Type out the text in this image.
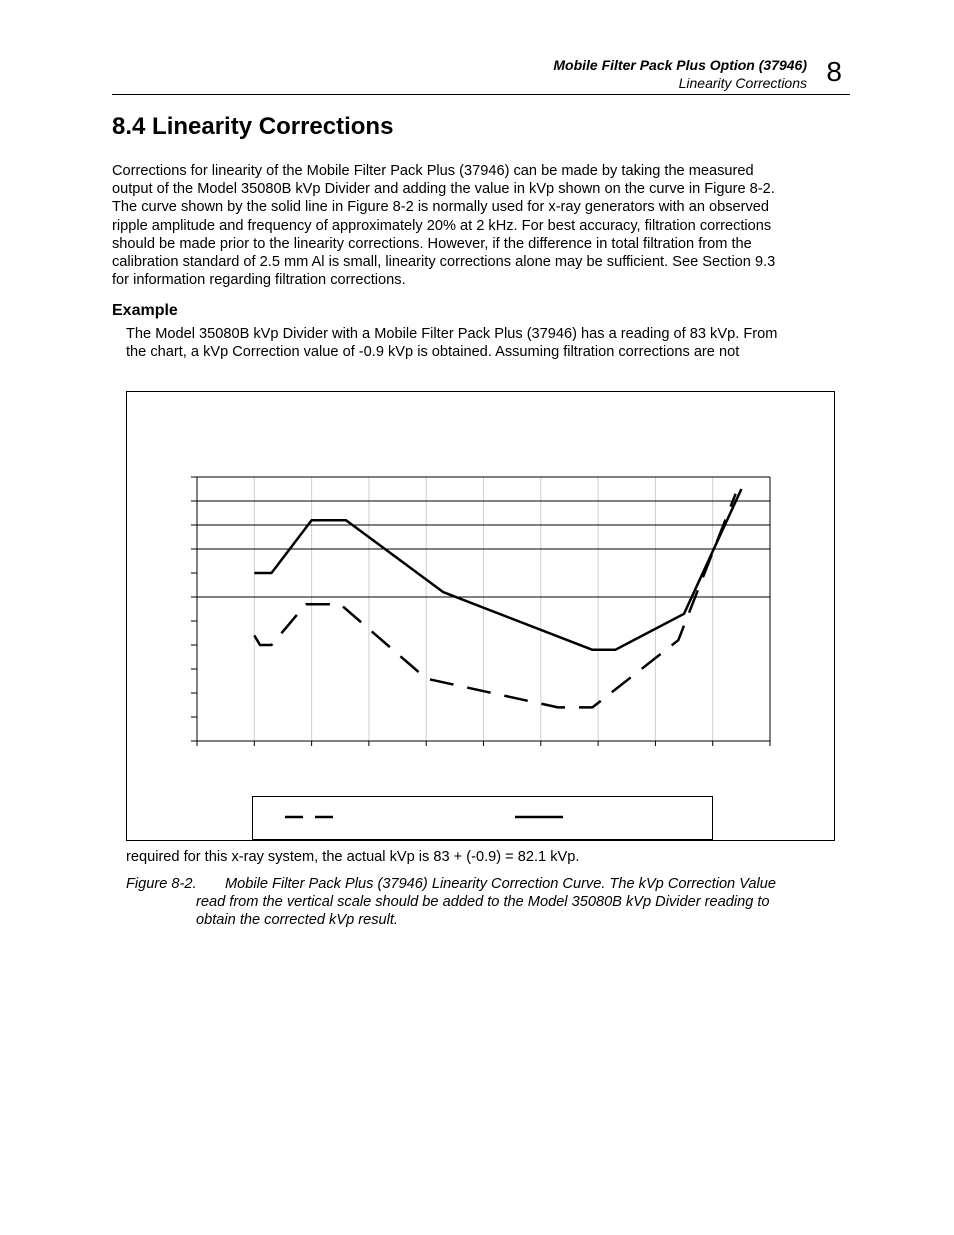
Mobile Filter Pack Plus Option (37946)
Linearity Corrections 8
8.4 Linearity Corrections

Corrections for linearity of the Mobile Filter Pack Plus (37946) can be made by taking the measured
output of the Model 35080B kVp Divider and adding the value in kVp shown on the curve in Figure 8-2.
The curve shown by the solid line in Figure 8-2 is normally used for x-ray generators with an observed
ripple amplitude and frequency of approximately 20% at 2 kHz. For best accuracy, filtration corrections
should be made prior to the linearity corrections. However, if the difference in total filtration from the
calibration standard of 2.5 mm Al is small, linearity corrections alone may be sufficient. See Section 9.3
for information regarding filtration corrections.

Example

The Model 35080B kVp Divider with a Mobile Filter Pack Plus (37946) has a reading of 83 kVp. From
the chart, a kVp Correction value of -0.9 kVp is obtained. Assuming filtration corrections are not

required for this x-ray system, the actual kVp is 83 + (-0.9) = 82.1 kVp.

Figure 8-2. Mobile Filter Pack Plus (37946) Linearity Correction Curve. The kVp Correction Value
read from the vertical scale should be added to the Model 35080B kVp Divider reading to
obtain the corrected kVp result.
